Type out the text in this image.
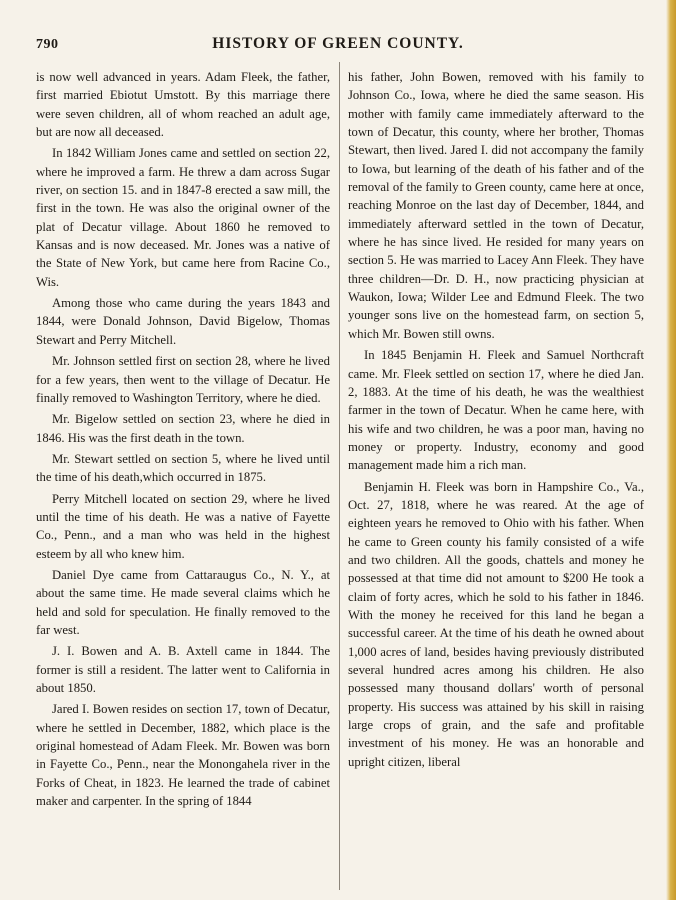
790	HISTORY OF GREEN COUNTY.

is now well advanced in years. Adam Fleek, the father, first married Ebiotut Umstott. By this marriage there were seven children, all of whom reached an adult age, but are now all deceased.

In 1842 William Jones came and settled on section 22, where he improved a farm. He threw a dam across Sugar river, on section 15. and in 1847-8 erected a saw mill, the first in the town. He was also the original owner of the plat of Decatur village. About 1860 he removed to Kansas and is now deceased. Mr. Jones was a native of the State of New York, but came here from Racine Co., Wis.

Among those who came during the years 1843 and 1844, were Donald Johnson, David Bigelow, Thomas Stewart and Perry Mitchell.

Mr. Johnson settled first on section 28, where he lived for a few years, then went to the village of Decatur. He finally removed to Washington Territory, where he died.

Mr. Bigelow settled on section 23, where he died in 1846. His was the first death in the town.

Mr. Stewart settled on section 5, where he lived until the time of his death,which occurred in 1875.

Perry Mitchell located on section 29, where he lived until the time of his death. He was a native of Fayette Co., Penn., and a man who was held in the highest esteem by all who knew him.

Daniel Dye came from Cattaraugus Co., N. Y., at about the same time. He made several claims which he held and sold for speculation. He finally removed to the far west.

J. I. Bowen and A. B. Axtell came in 1844. The former is still a resident. The latter went to California in about 1850.

Jared I. Bowen resides on section 17, town of Decatur, where he settled in December, 1882, which place is the original homestead of Adam Fleek. Mr. Bowen was born in Fayette Co., Penn., near the Monongahela river in the Forks of Cheat, in 1823. He learned the trade of cabinet maker and carpenter. In the spring of 1844

his father, John Bowen, removed with his family to Johnson Co., Iowa, where he died the same season. His mother with family came immediately afterward to the town of Decatur, this county, where her brother, Thomas Stewart, then lived. Jared I. did not accompany the family to Iowa, but learning of the death of his father and of the removal of the family to Green county, came here at once, reaching Monroe on the last day of December, 1844, and immediately afterward settled in the town of Decatur, where he has since lived. He resided for many years on section 5. He was married to Lacey Ann Fleek. They have three children—Dr. D. H., now practicing physician at Waukon, Iowa; Wilder Lee and Edmund Fleek. The two younger sons live on the homestead farm, on section 5, which Mr. Bowen still owns.

In 1845 Benjamin H. Fleek and Samuel Northcraft came. Mr. Fleek settled on section 17, where he died Jan. 2, 1883. At the time of his death, he was the wealthiest farmer in the town of Decatur. When he came here, with his wife and two children, he was a poor man, having no money or property. Industry, economy and good management made him a rich man.

Benjamin H. Fleek was born in Hampshire Co., Va., Oct. 27, 1818, where he was reared. At the age of eighteen years he removed to Ohio with his father. When he came to Green county his family consisted of a wife and two children. All the goods, chattels and money he possessed at that time did not amount to $200 He took a claim of forty acres, which he sold to his father in 1846. With the money he received for this land he began a successful career. At the time of his death he owned about 1,000 acres of land, besides having previously distributed several hundred acres among his children. He also possessed many thousand dollars' worth of personal property. His success was attained by his skill in raising large crops of grain, and the safe and profitable investment of his money. He was an honorable and upright citizen, liberal
